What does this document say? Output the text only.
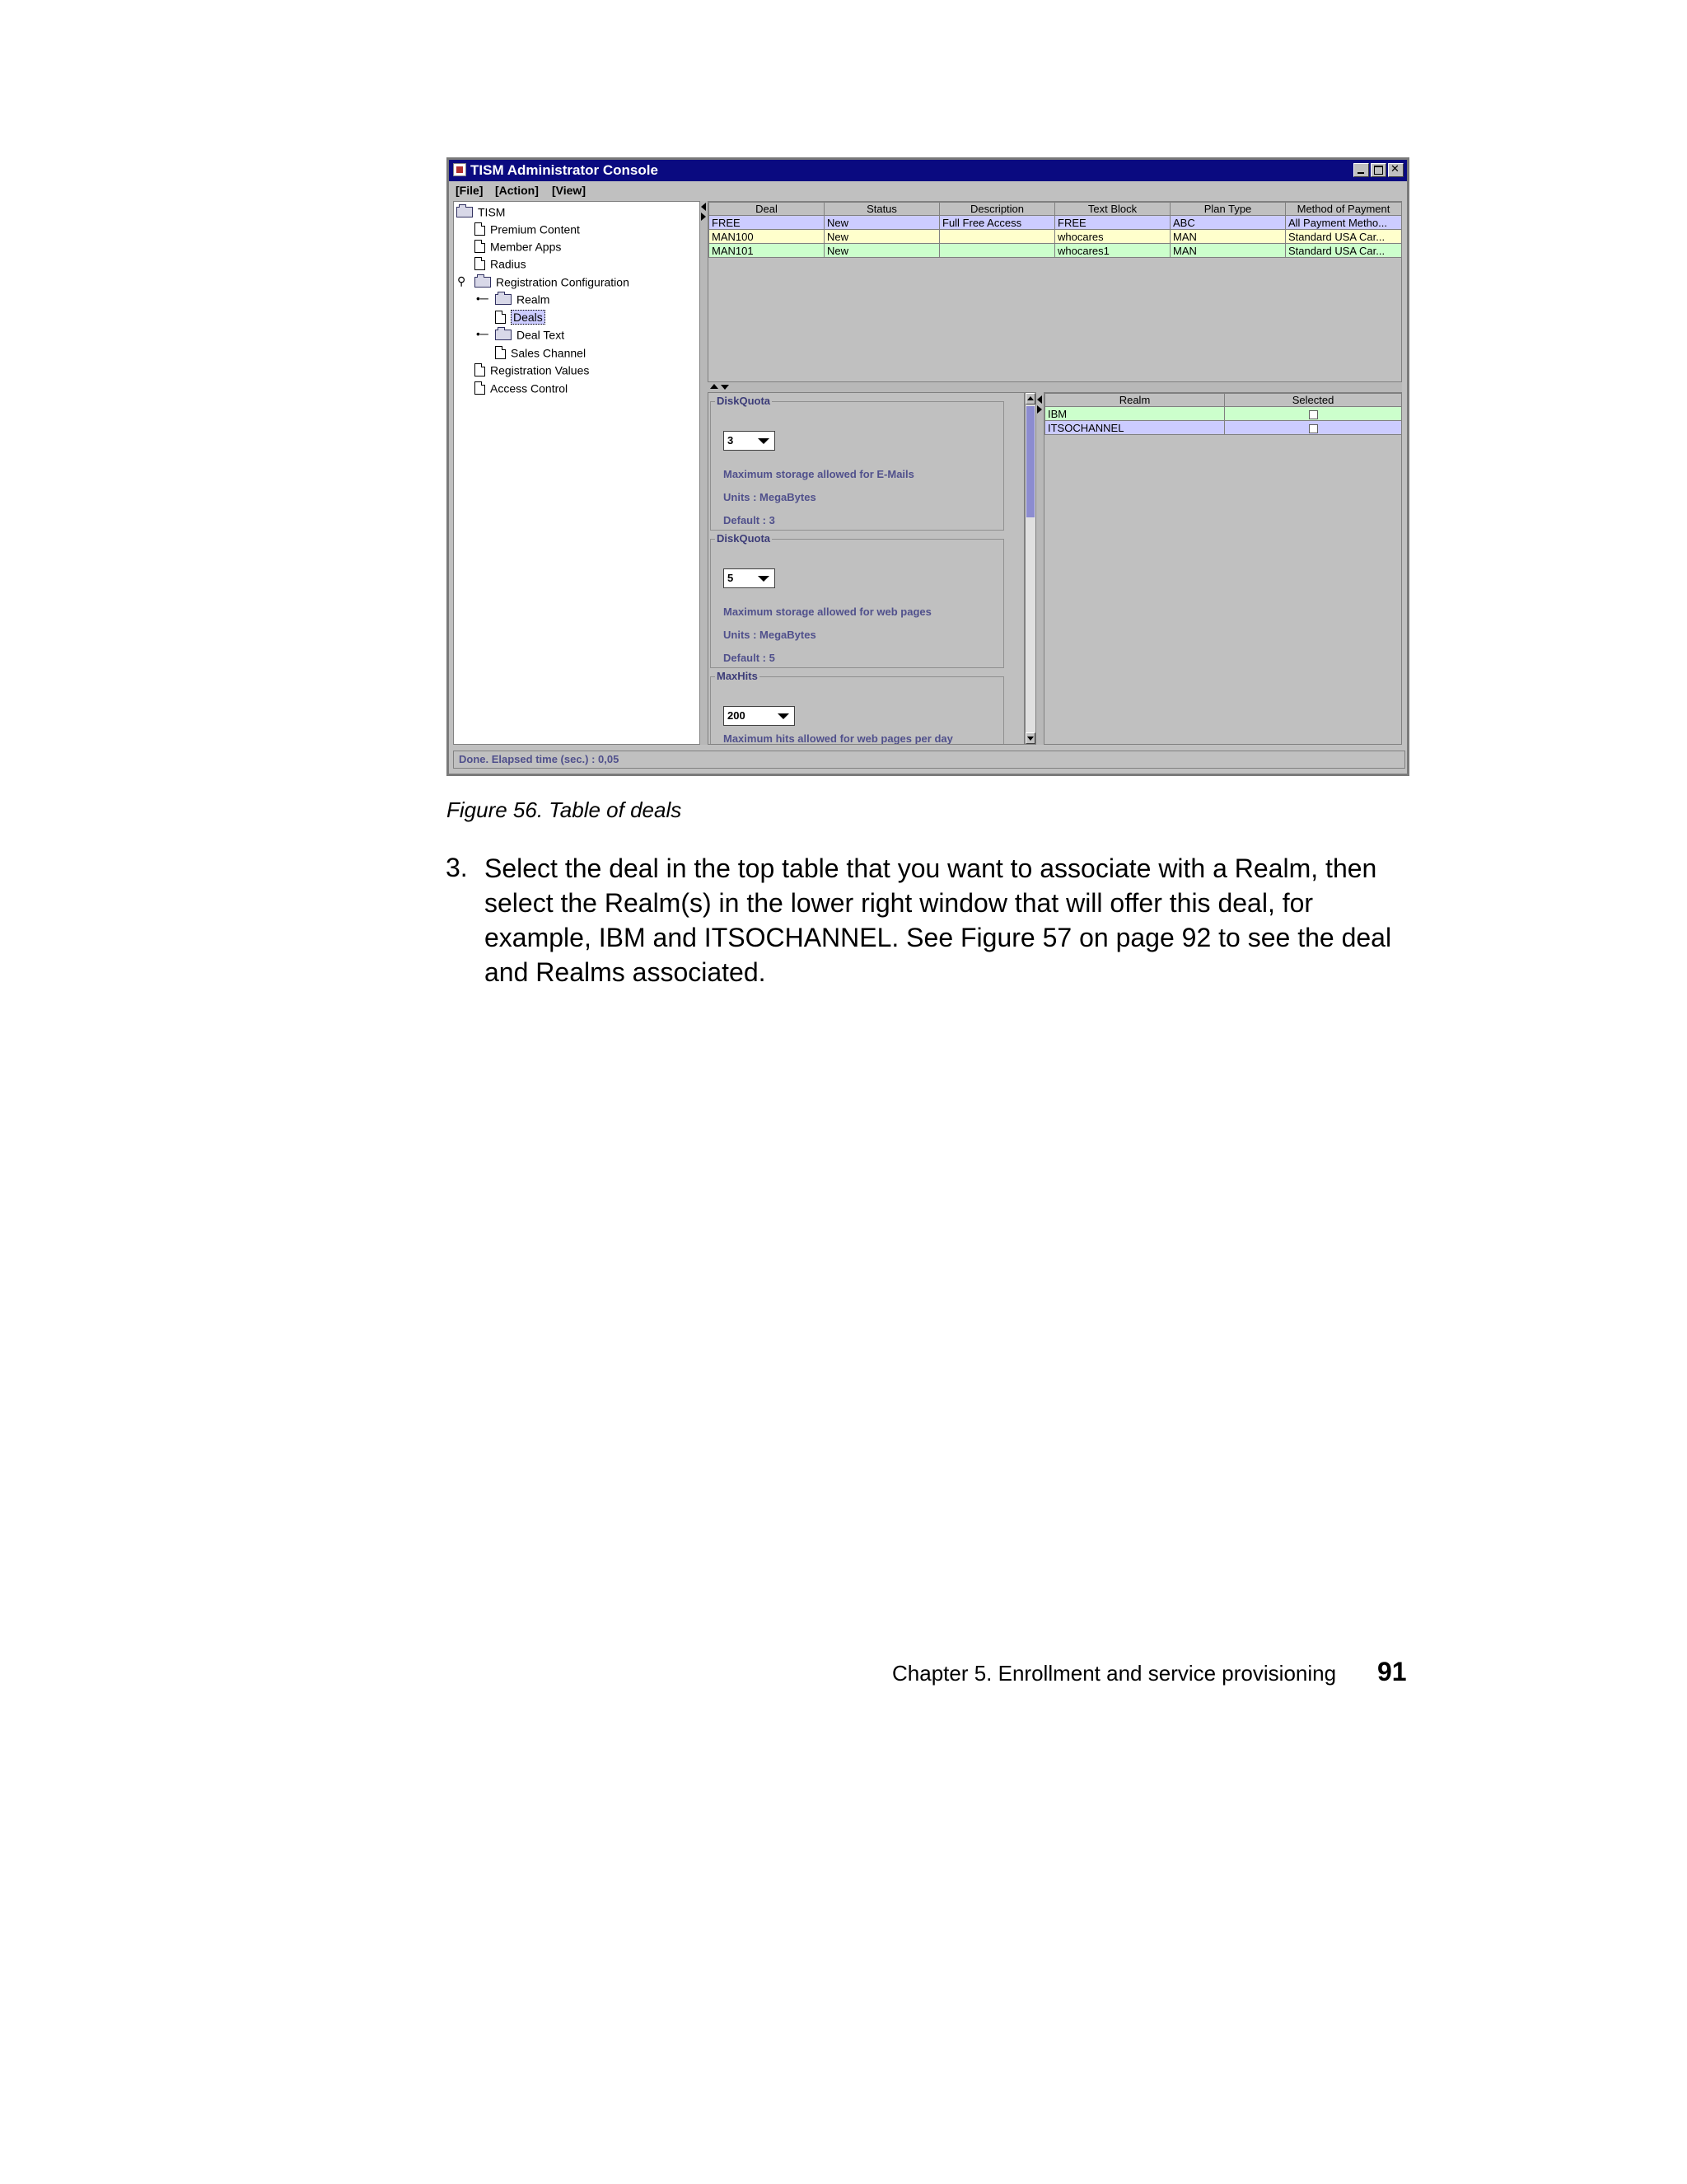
TISM Administrator Console
✕
[File] [Action] [View]
TISM
Premium Content
Member Apps
Radius
⚲	Registration Configuration
•─	Realm
Deals
•─	Deal Text
Sales Channel
Registration Values
Access Control
Deal	Status	Description	Text Block	Plan Type	Method of Payment
FREE	New	Full Free Access	FREE	ABC	All Payment Metho...
MAN100	New		whocares	MAN	Standard USA Car...
MAN101	New		whocares1	MAN	Standard USA Car...
DiskQuota
3
Maximum storage allowed for E-Mails
Units : MegaBytes
Default : 3
DiskQuota
5
Maximum storage allowed for web pages
Units : MegaBytes
Default : 5
MaxHits
200
Maximum hits allowed for web pages per day
Realm	Selected
IBM	
ITSOCHANNEL	
Done. Elapsed time (sec.) : 0,05
Figure 56. Table of deals
3. Select the deal in the top table that you want to associate with a Realm, then select the Realm(s) in the lower right window that will offer this deal, for example, IBM and ITSOCHANNEL. See Figure 57 on page 92 to see the deal and Realms associated.
Chapter 5. Enrollment and service provisioning 91
